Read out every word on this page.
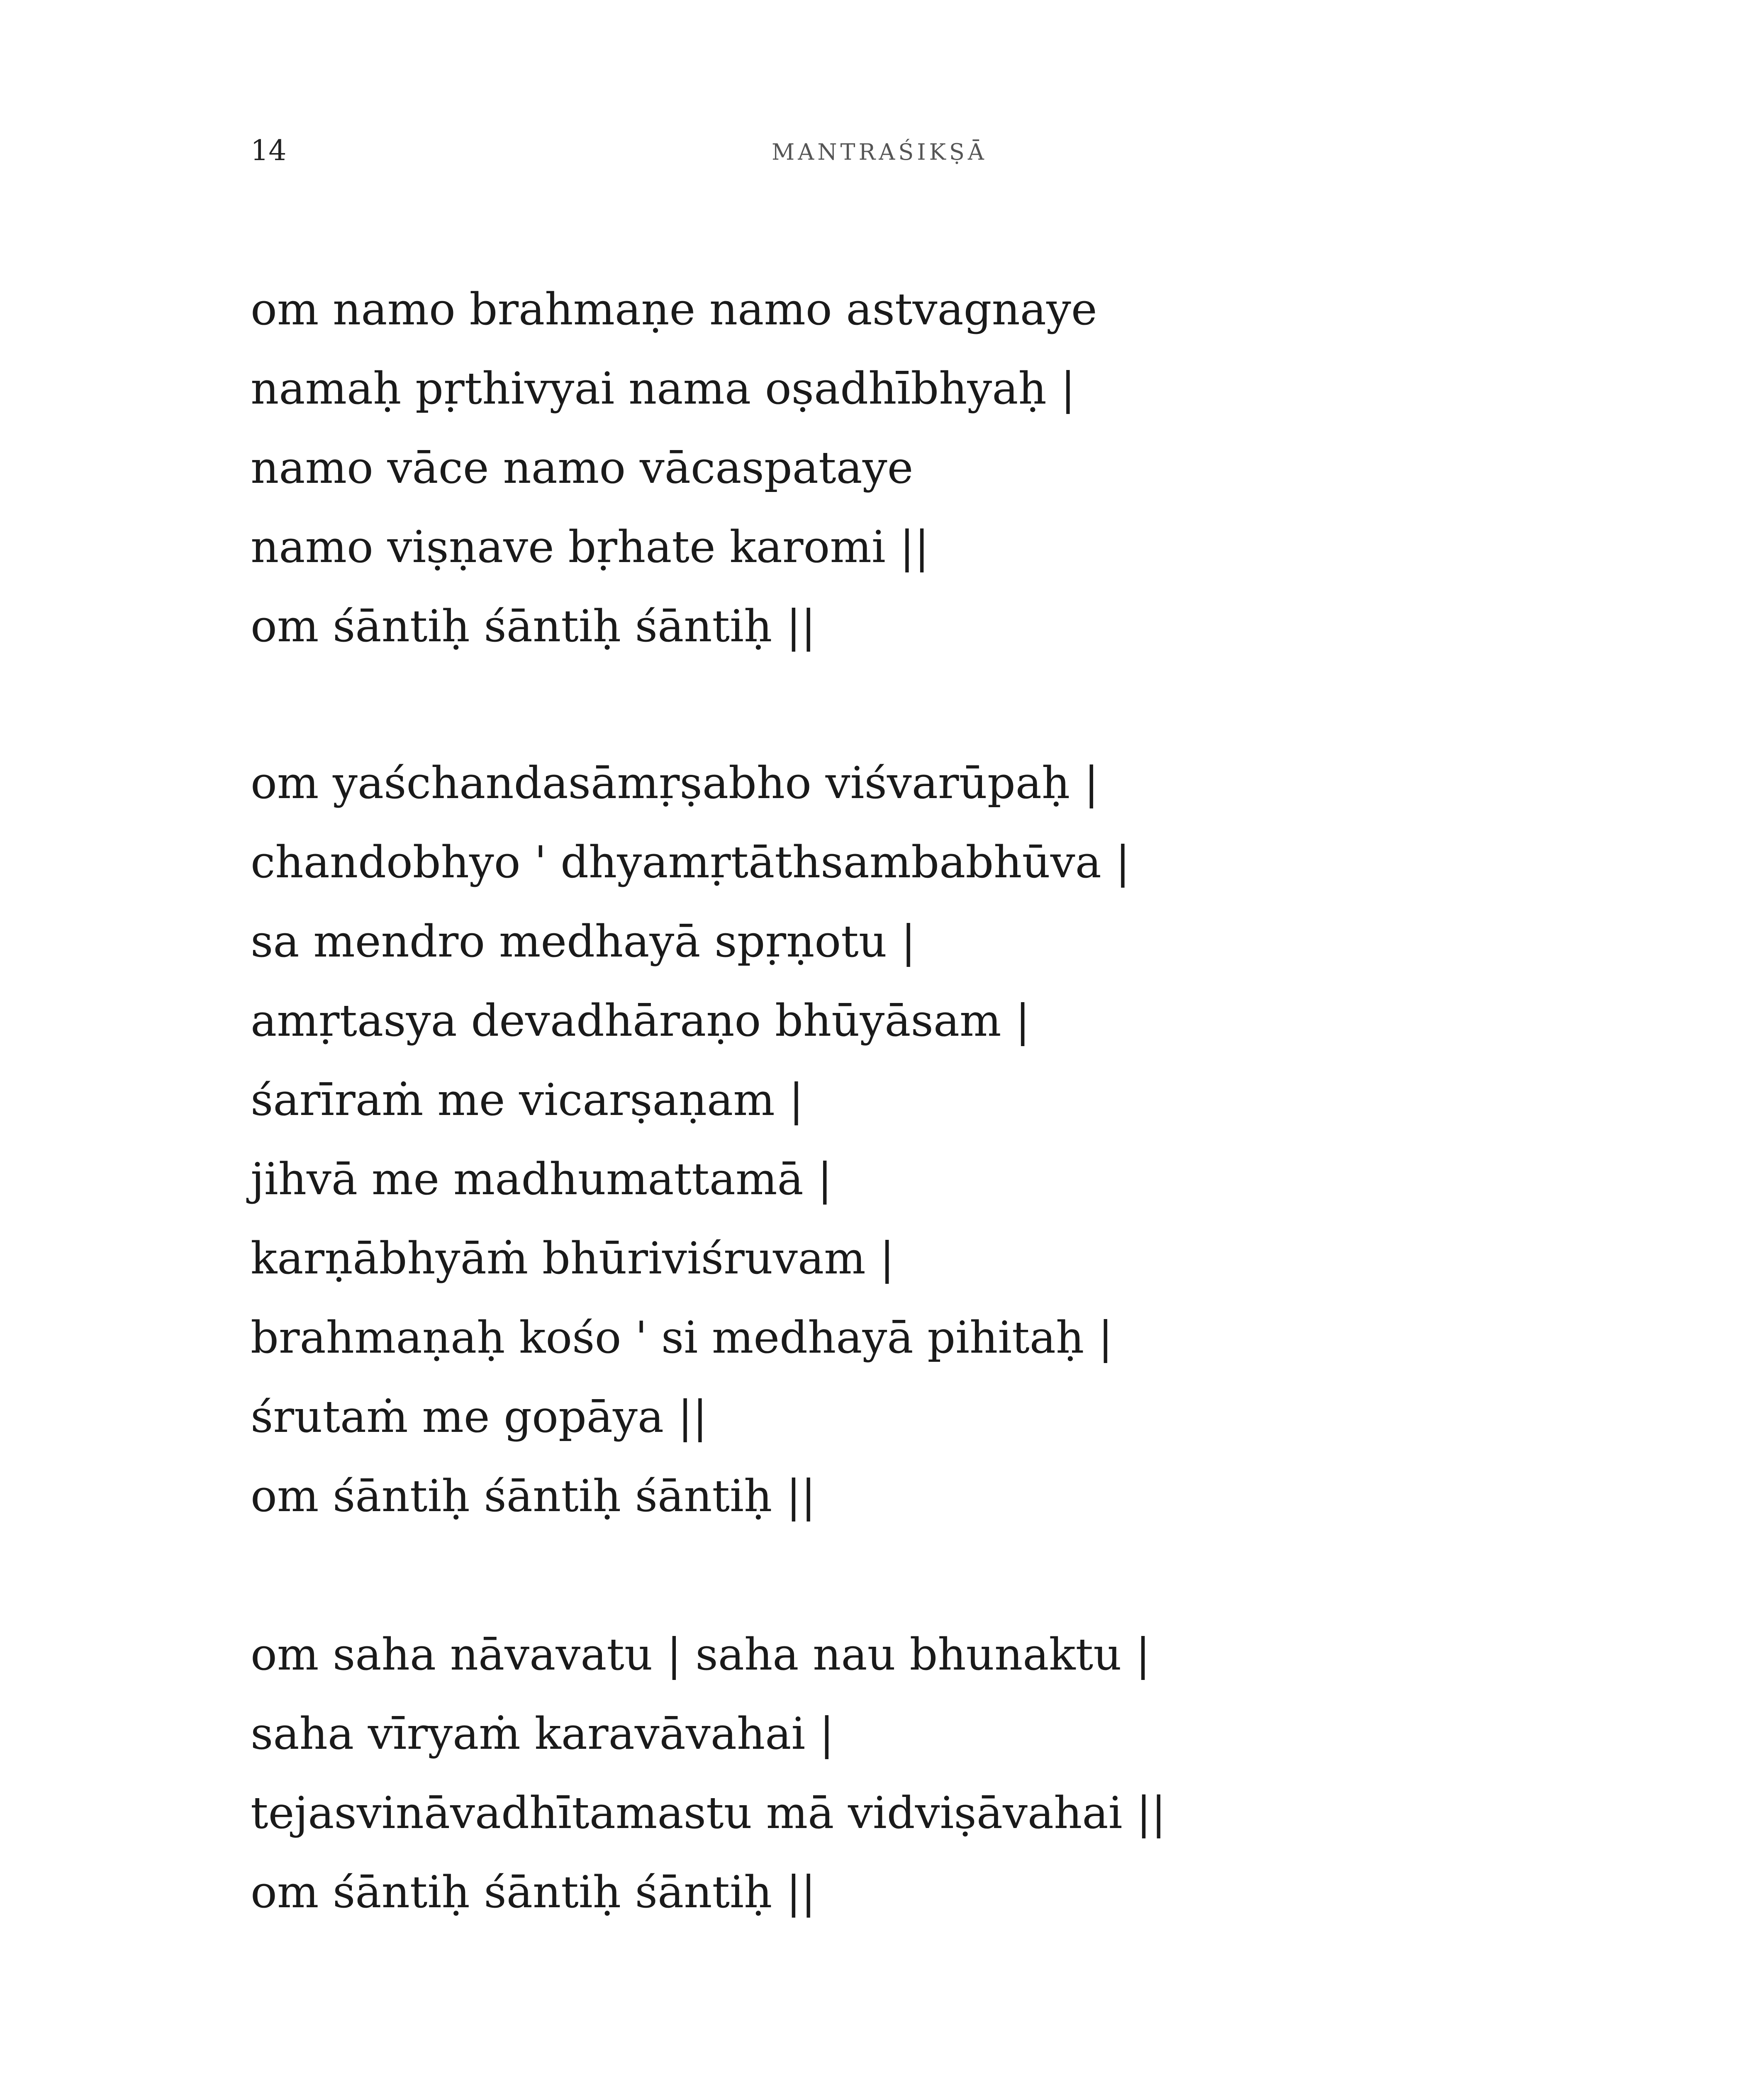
14	MANTRAŚIKṢĀ
om namo brahmaṇe namo astvagnaye
namaḥ pṛthivyai nama oṣadhībhyaḥ |
namo vāce namo vācaspataye
namo viṣṇave bṛhate karomi ||
om śāntiḥ śāntiḥ śāntiḥ ||
om yaśchandasāmṛṣabho viśvarūpaḥ |
chandobhyo ' dhyamṛtāthsambabhūva |
sa mendro medhayā spṛṇotu |
amṛtasya devadhāraṇo bhūyāsam |
śarīraṁ me vicarṣaṇam |
jihvā me madhumattamā |
karṇābhyāṁ bhūriviśruvam |
brahmaṇaḥ kośo ' si medhayā pihitaḥ |
śrutaṁ me gopāya ||
om śāntiḥ śāntiḥ śāntiḥ ||
om saha nāvavatu | saha nau bhunaktu |
saha vīryaṁ karavāvahai |
tejasvināvadhītamastu mā vidviṣāvahai ||
om śāntiḥ śāntiḥ śāntiḥ ||
